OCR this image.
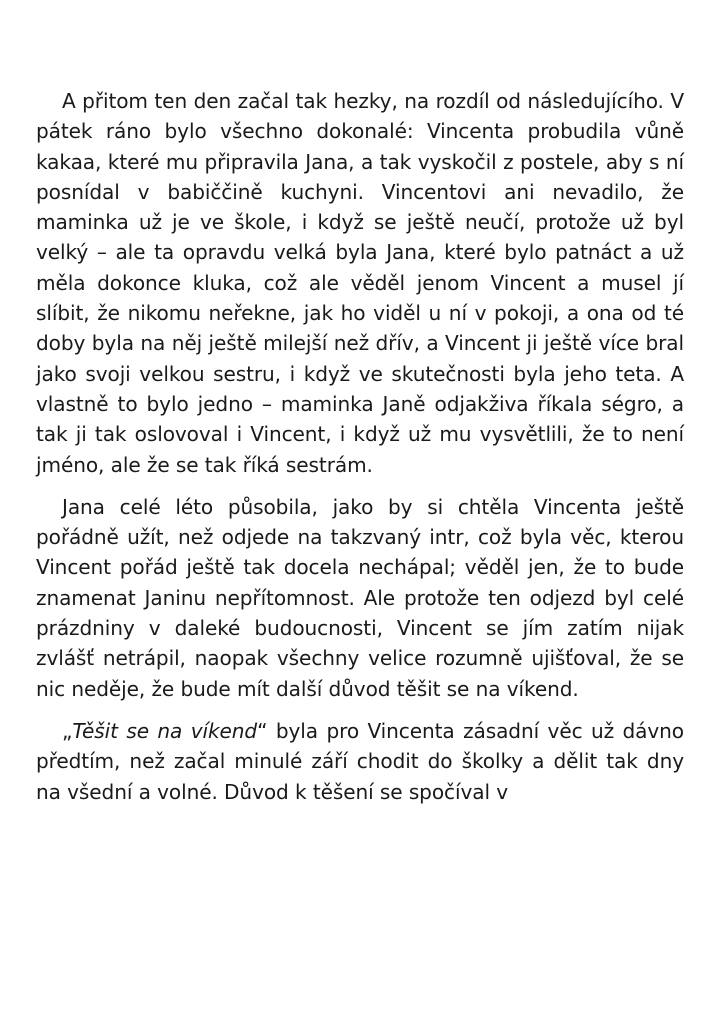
A přitom ten den začal tak hezky, na rozdíl od následujícího. V pátek ráno bylo všechno dokonalé: Vincenta probudila vůně kakaa, které mu připravila Jana, a tak vyskočil z postele, aby s ní posnídal v babiččině kuchyni. Vincentovi ani nevadilo, že maminka už je ve škole, i když se ještě neučí, protože už byl velký – ale ta opravdu velká byla Jana, které bylo patnáct a už měla dokonce kluka, což ale věděl jenom Vincent a musel jí slíbit, že nikomu neřekne, jak ho viděl u ní v pokoji, a ona od té doby byla na něj ještě milejší než dřív, a Vincent ji ještě více bral jako svoji velkou sestru, i když ve skutečnosti byla jeho teta. A vlastně to bylo jedno – maminka Janě odjakživa říkala ségro, a tak ji tak oslovoval i Vincent, i když už mu vysvětlili, že to není jméno, ale že se tak říká sestrám.

Jana celé léto působila, jako by si chtěla Vincenta ještě pořádně užít, než odjede na takzvaný intr, což byla věc, kterou Vincent pořád ještě tak docela nechápal; věděl jen, že to bude znamenat Janinu nepřítomnost. Ale protože ten odjezd byl celé prázdniny v daleké budoucnosti, Vincent se jím zatím nijak zvlášť netrápil, naopak všechny velice rozumně ujišťoval, že se nic neděje, že bude mít další důvod těšit se na víkend.

„Těšit se na víkend“ byla pro Vincenta zásadní věc už dávno předtím, než začal minulé září chodit do školky a dělit tak dny na všední a volné. Důvod k těšení se spočíval v
